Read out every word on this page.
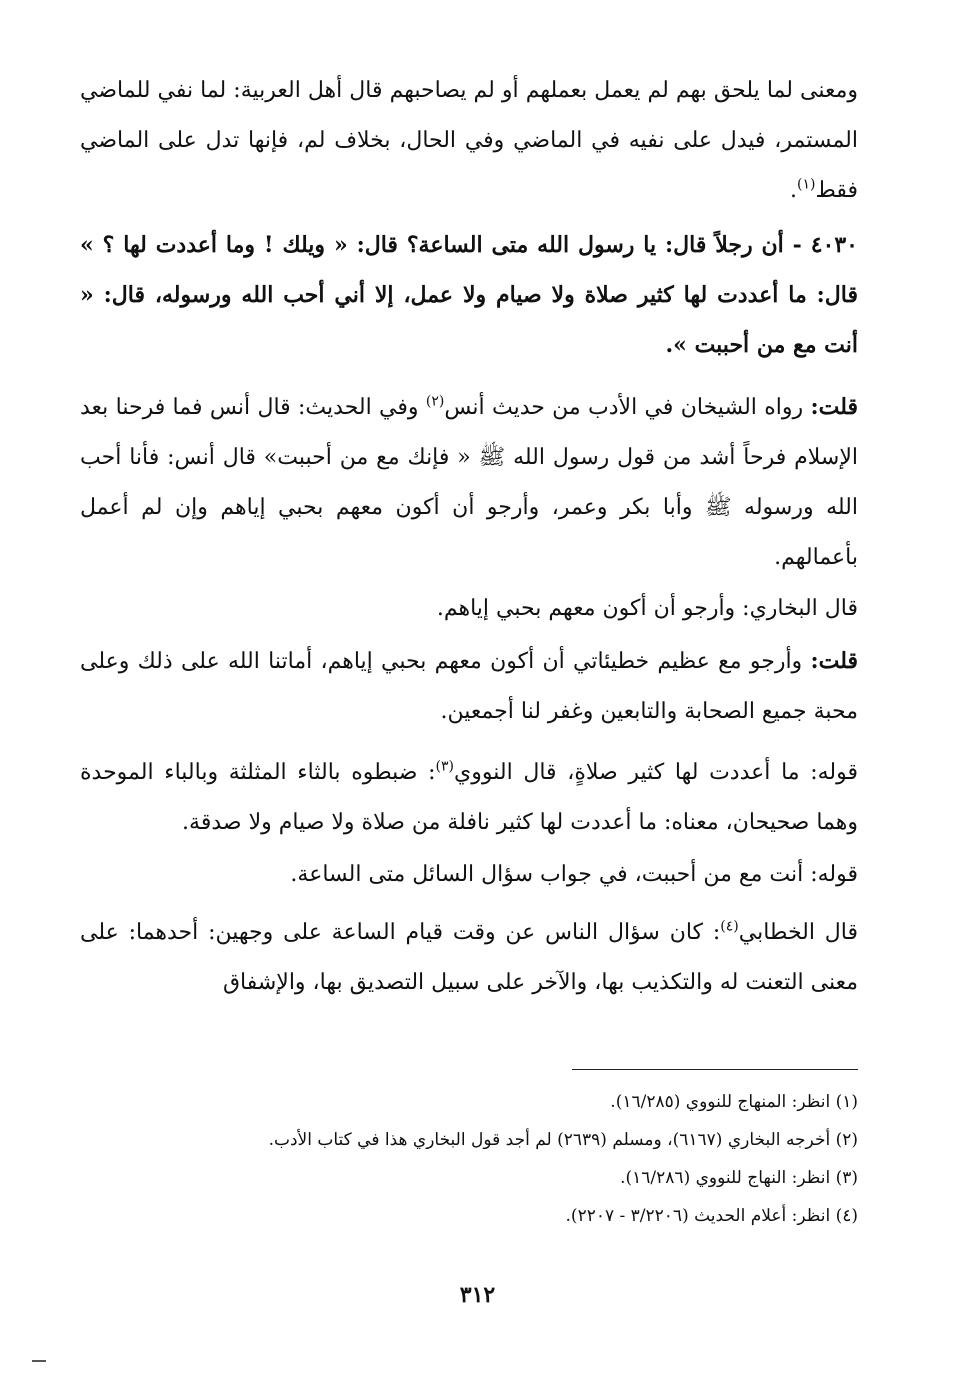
ومعنى لما يلحق بهم لم يعمل بعملهم أو لم يصاحبهم قال أهل العربية: لما نفي للماضي المستمر، فيدل على نفيه في الماضي وفي الحال، بخلاف لم، فإنها تدل على الماضي فقط$^{(١)}$.
٤٠٣٠ - أن رجلاً قال: يا رسول الله متى الساعة؟ قال: « ويلك ! وما أعددت لها ؟ » قال: ما أعددت لها كثير صلاة ولا صيام ولا عمل، إلا أني أحب الله ورسوله، قال: « أنت مع من أحببت ».
قلت: رواه الشيخان في الأدب من حديث أنس$^{(٢)}$ وفي الحديث: قال أنس فما فرحنا بعد الإسلام فرحاً أشد من قول رسول الله ﷺ « فإنك مع من أحببت» قال أنس: فأنا أحب الله ورسوله ﷺ وأبا بكر وعمر، وأرجو أن أكون معهم بحبي إياهم وإن لم أعمل بأعمالهم.
قال البخاري: وأرجو أن أكون معهم بحبي إياهم.
قلت: وأرجو مع عظيم خطيئاتي أن أكون معهم بحبي إياهم، أماتنا الله على ذلك وعلى محبة جميع الصحابة والتابعين وغفر لنا أجمعين.
قوله: ما أعددت لها كثير صلاةٍ، قال النووي$^{(٣)}$: ضبطوه بالثاء المثلثة وبالباء الموحدة وهما صحيحان، معناه: ما أعددت لها كثير نافلة من صلاة ولا صيام ولا صدقة.
قوله: أنت مع من أحببت، في جواب سؤال السائل متى الساعة.
قال الخطابي$^{(٤)}$: كان سؤال الناس عن وقت قيام الساعة على وجهين: أحدهما: على معنى التعنت له والتكذيب بها، والآخر على سبيل التصديق بها، والإشفاق
(١) انظر: المنهاج للنووي (١٦/٢٨٥).
(٢) أخرجه البخاري (٦١٦٧)، ومسلم (٢٦٣٩) لم أجد قول البخاري هذا في كتاب الأدب.
(٣) انظر: النهاج للنووي (١٦/٢٨٦).
(٤) انظر: أعلام الحديث (٣/٢٢٠٦ - ٢٢٠٧).
٣١٢
